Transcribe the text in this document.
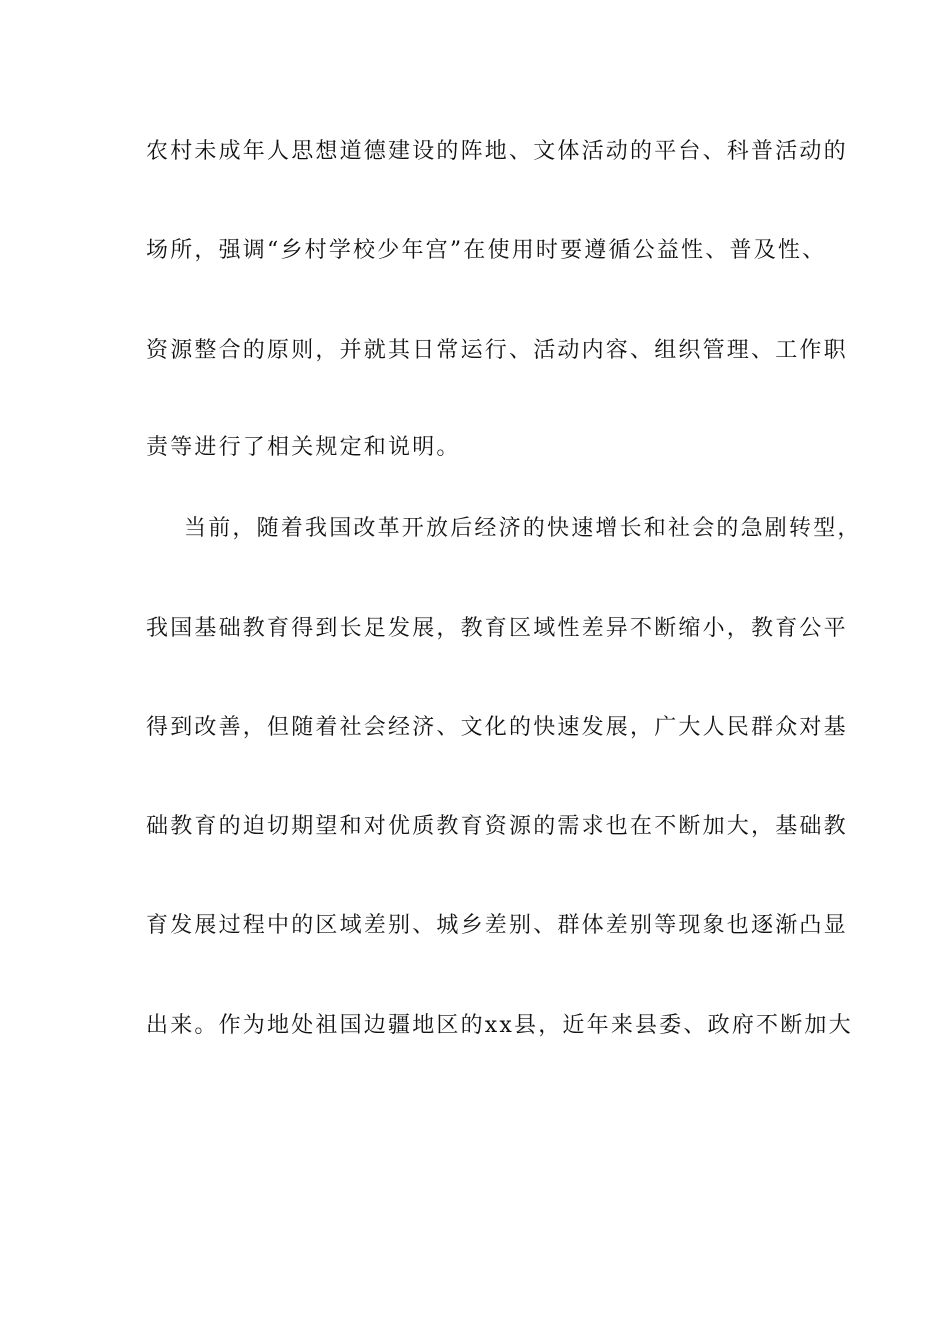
农村未成年人思想道德建设的阵地、文体活动的平台、科普活动的
场所，强调“乡村学校少年宫”在使用时要遵循公益性、普及性、
资源整合的原则，并就其日常运行、活动内容、组织管理、工作职
责等进行了相关规定和说明。
当前，随着我国改革开放后经济的快速增长和社会的急剧转型，
我国基础教育得到长足发展，教育区域性差异不断缩小，教育公平
得到改善，但随着社会经济、文化的快速发展，广大人民群众对基
础教育的迫切期望和对优质教育资源的需求也在不断加大，基础教
育发展过程中的区域差别、城乡差别、群体差别等现象也逐渐凸显
出来。作为地处祖国边疆地区的xx县，近年来县委、政府不断加大
